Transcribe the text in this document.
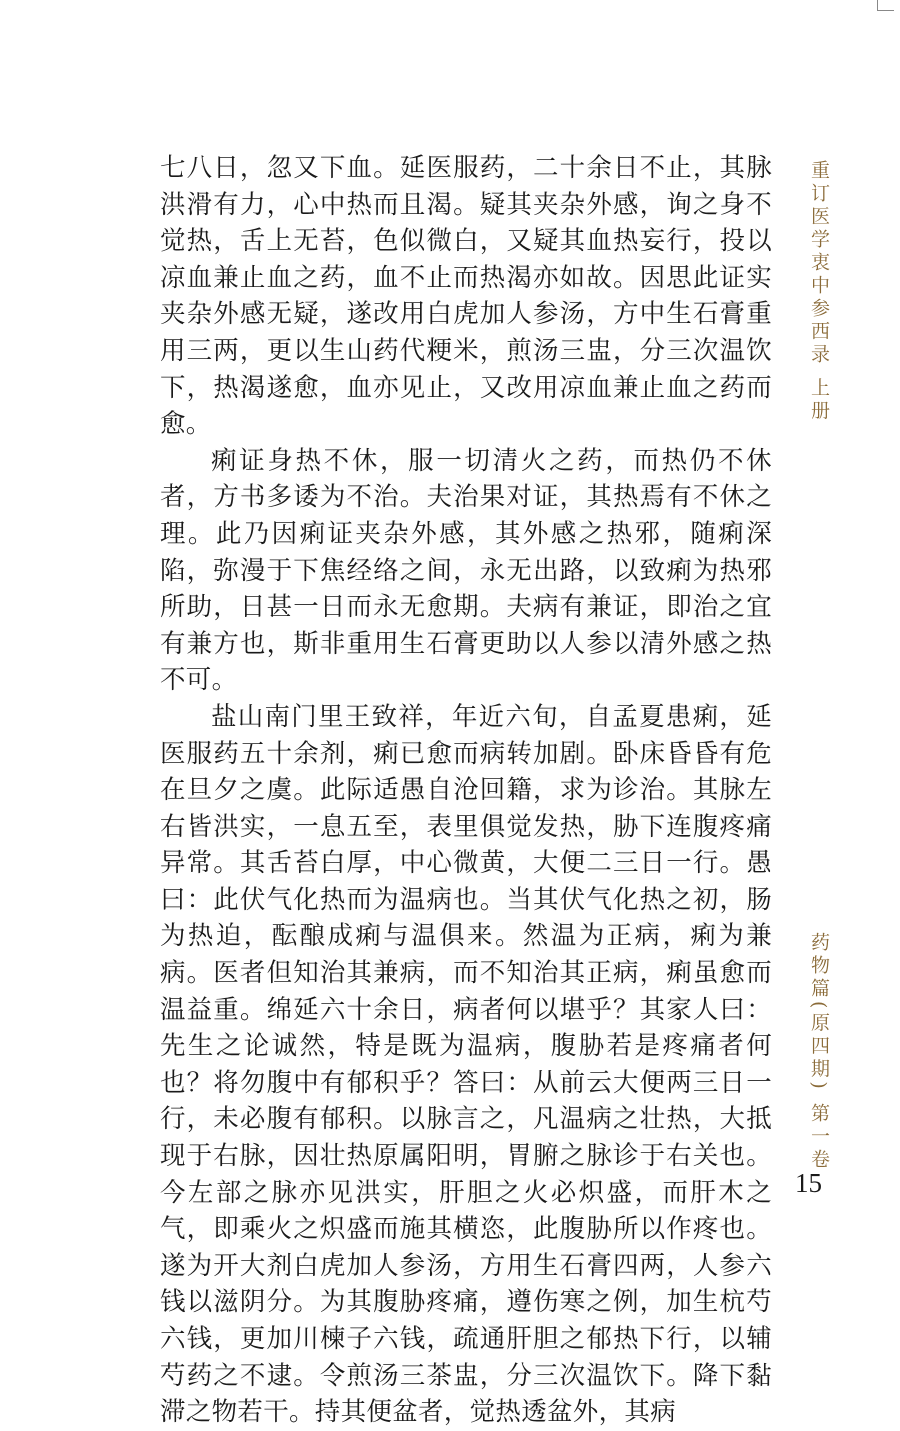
七八日，忽又下血。延医服药，二十余日不止，其脉洪滑有力，心中热而且渴。疑其夹杂外感，询之身不觉热，舌上无苔，色似微白，又疑其血热妄行，投以凉血兼止血之药，血不止而热渴亦如故。因思此证实夹杂外感无疑，遂改用白虎加人参汤，方中生石膏重用三两，更以生山药代粳米，煎汤三盅，分三次温饮下，热渴遂愈，血亦见止，又改用凉血兼止血之药而愈。

痢证身热不休，服一切清火之药，而热仍不休者，方书多诿为不治。夫治果对证，其热焉有不休之理。此乃因痢证夹杂外感，其外感之热邪，随痢深陷，弥漫于下焦经络之间，永无出路，以致痢为热邪所助，日甚一日而永无愈期。夫病有兼证，即治之宜有兼方也，斯非重用生石膏更助以人参以清外感之热不可。

盐山南门里王致祥，年近六旬，自孟夏患痢，延医服药五十余剂，痢已愈而病转加剧。卧床昏昏有危在旦夕之虞。此际适愚自沧回籍，求为诊治。其脉左右皆洪实，一息五至，表里俱觉发热，胁下连腹疼痛异常。其舌苔白厚，中心微黄，大便二三日一行。愚曰：此伏气化热而为温病也。当其伏气化热之初，肠为热迫，酝酿成痢与温俱来。然温为正病，痢为兼病。医者但知治其兼病，而不知治其正病，痢虽愈而温益重。绵延六十余日，病者何以堪乎？其家人曰：先生之论诚然，特是既为温病，腹胁若是疼痛者何也？将勿腹中有郁积乎？答曰：从前云大便两三日一行，未必腹有郁积。以脉言之，凡温病之壮热，大抵现于右脉，因壮热原属阳明，胃腑之脉诊于右关也。今左部之脉亦见洪实，肝胆之火必炽盛，而肝木之气，即乘火之炽盛而施其横恣，此腹胁所以作疼也。遂为开大剂白虎加人参汤，方用生石膏四两，人参六钱以滋阴分。为其腹胁疼痛，遵伤寒之例，加生杭芍六钱，更加川楝子六钱，疏通肝胆之郁热下行，以辅芍药之不逮。令煎汤三茶盅，分三次温饮下。降下黏滞之物若干。持其便盆者，觉热透盆外，其病

重订医学衷中参西录 上册
药物篇(原四期) 第一卷
15
